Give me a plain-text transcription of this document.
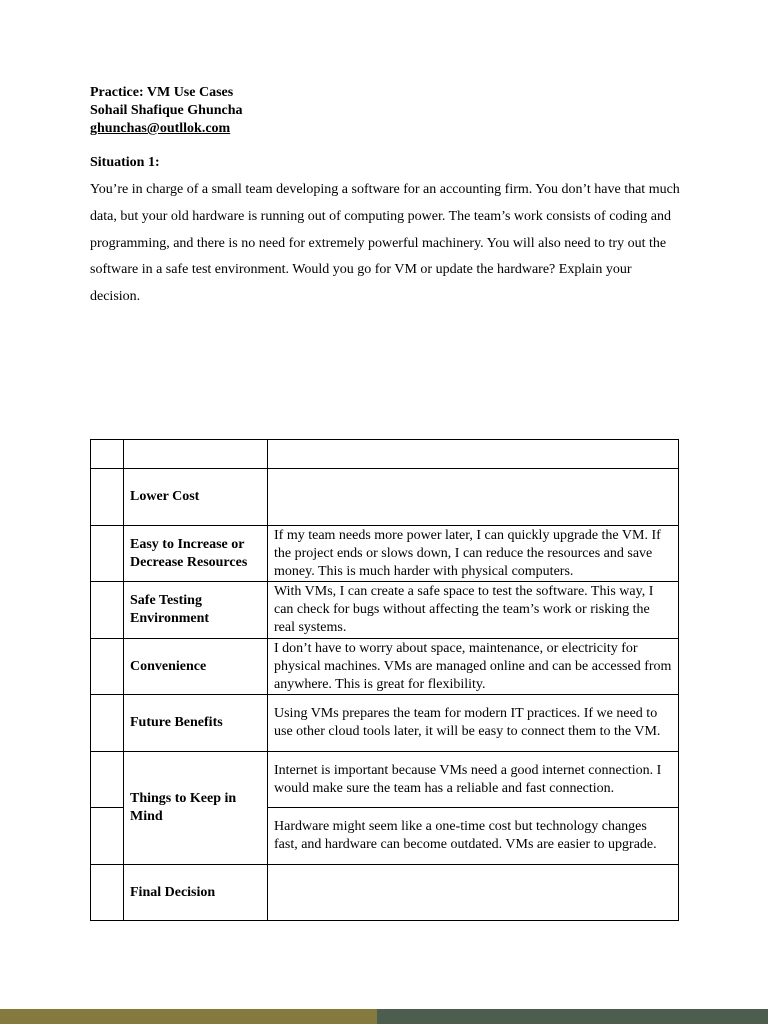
Practice: VM Use Cases
Sohail Shafique Ghuncha
ghunchas@outllok.com
Situation 1:
You’re in charge of a small team developing a software for an accounting firm. You don’t have that much data, but your old hardware is running out of computing power. The team’s work consists of coding and programming, and there is no need for extremely powerful machinery. You will also need to try out the software in a safe test environment. Would you go for VM or update the hardware? Explain your decision.

	Lower Cost	
	Easy to Increase or Decrease Resources	If my team needs more power later, I can quickly upgrade the VM. If the project ends or slows down, I can reduce the resources and save money. This is much harder with physical computers.
	Safe Testing Environment	With VMs, I can create a safe space to test the software. This way, I can check for bugs without affecting the team’s work or risking the real systems.
	Convenience	I don’t have to worry about space, maintenance, or electricity for physical machines. VMs are managed online and can be accessed from anywhere. This is great for flexibility.
	Future Benefits	Using VMs prepares the team for modern IT practices. If we need to use other cloud tools later, it will be easy to connect them to the VM.
	Things to Keep in Mind	Internet is important because VMs need a good internet connection. I would make sure the team has a reliable and fast connection.
		Hardware might seem like a one-time cost but technology changes fast, and hardware can become outdated. VMs are easier to upgrade.
	Final Decision	
